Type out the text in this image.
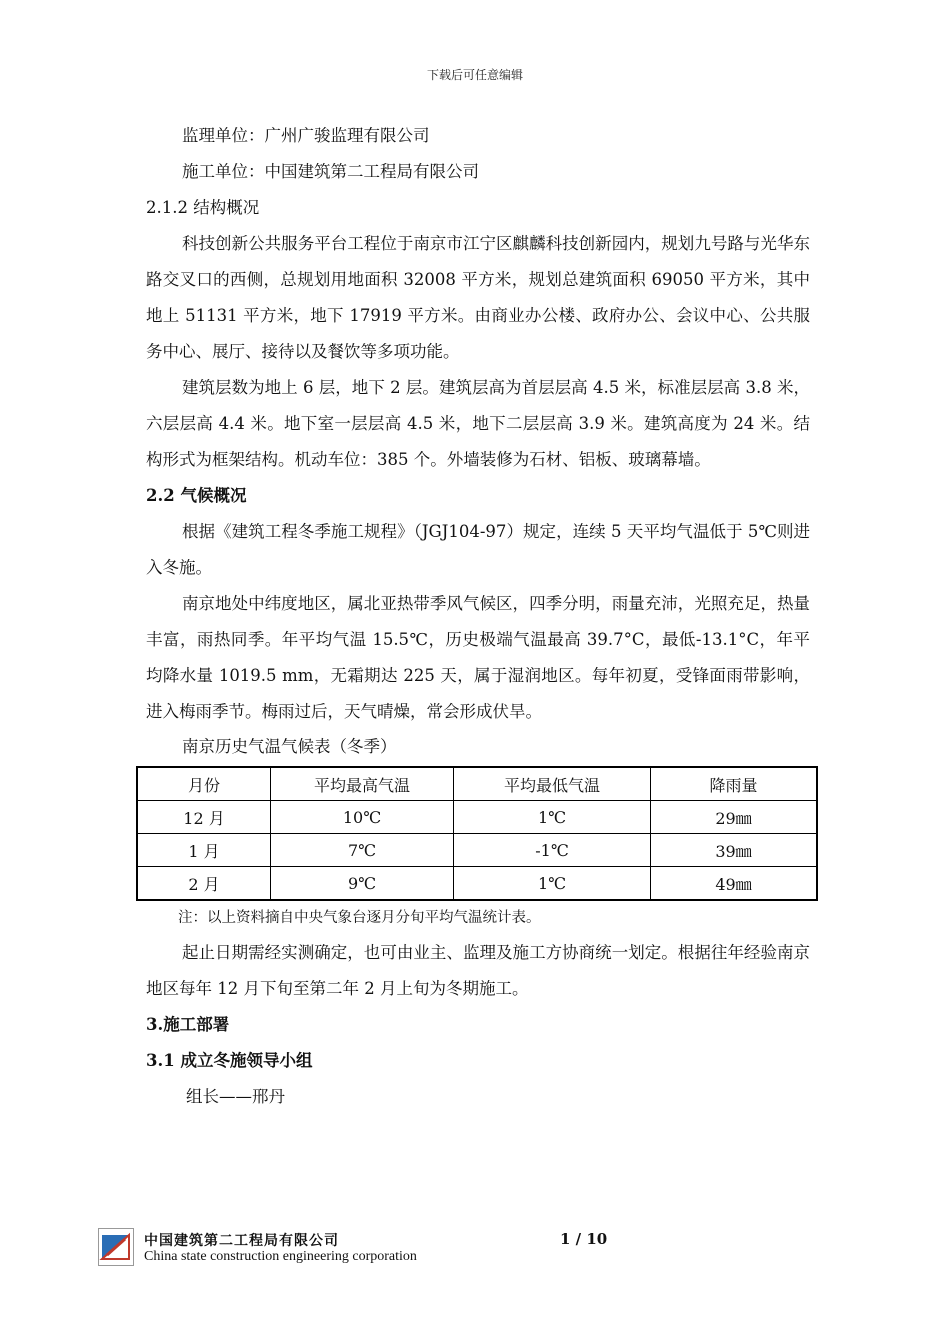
下载后可任意编辑

监理单位：广州广骏监理有限公司

施工单位：中国建筑第二工程局有限公司

2.1.2 结构概况

科技创新公共服务平台工程位于南京市江宁区麒麟科技创新园内，规划九号路与光华东路交叉口的西侧，总规划用地面积 32008 平方米，规划总建筑面积 69050 平方米，其中地上 51131 平方米，地下 17919 平方米。由商业办公楼、政府办公、会议中心、公共服务中心、展厅、接待以及餐饮等多项功能。

建筑层数为地上 6 层，地下 2 层。建筑层高为首层层高 4.5 米，标准层层高 3.8 米，六层层高 4.4 米。地下室一层层高 4.5 米，地下二层层高 3.9 米。建筑高度为 24 米。结构形式为框架结构。机动车位：385 个。外墙装修为石材、铝板、玻璃幕墙。

2.2 气候概况

根据《建筑工程冬季施工规程》（JGJ104-97）规定，连续 5 天平均气温低于 5℃则进入冬施。

南京地处中纬度地区，属北亚热带季风气候区，四季分明，雨量充沛，光照充足，热量丰富，雨热同季。年平均气温 15.5℃，历史极端气温最高 39.7°C，最低-13.1°C，年平均降水量 1019.5 mm，无霜期达 225 天，属于湿润地区。每年初夏，受锋面雨带影响，进入梅雨季节。梅雨过后，天气晴燥，常会形成伏旱。

南京历史气温气候表（冬季）

月份	平均最高气温	平均最低气温	降雨量
12 月	10℃	1℃	29㎜
1 月	7℃	-1℃	39㎜
2 月	9℃	1℃	49㎜

注：以上资料摘自中央气象台逐月分旬平均气温统计表。

起止日期需经实测确定，也可由业主、监理及施工方协商统一划定。根据往年经验南京地区每年 12 月下旬至第二年 2 月上旬为冬期施工。

3.施工部署

3.1 成立冬施领导小组

组长——邢丹

中国建筑第二工程局有限公司
China state construction engineering corporation
1 / 10
